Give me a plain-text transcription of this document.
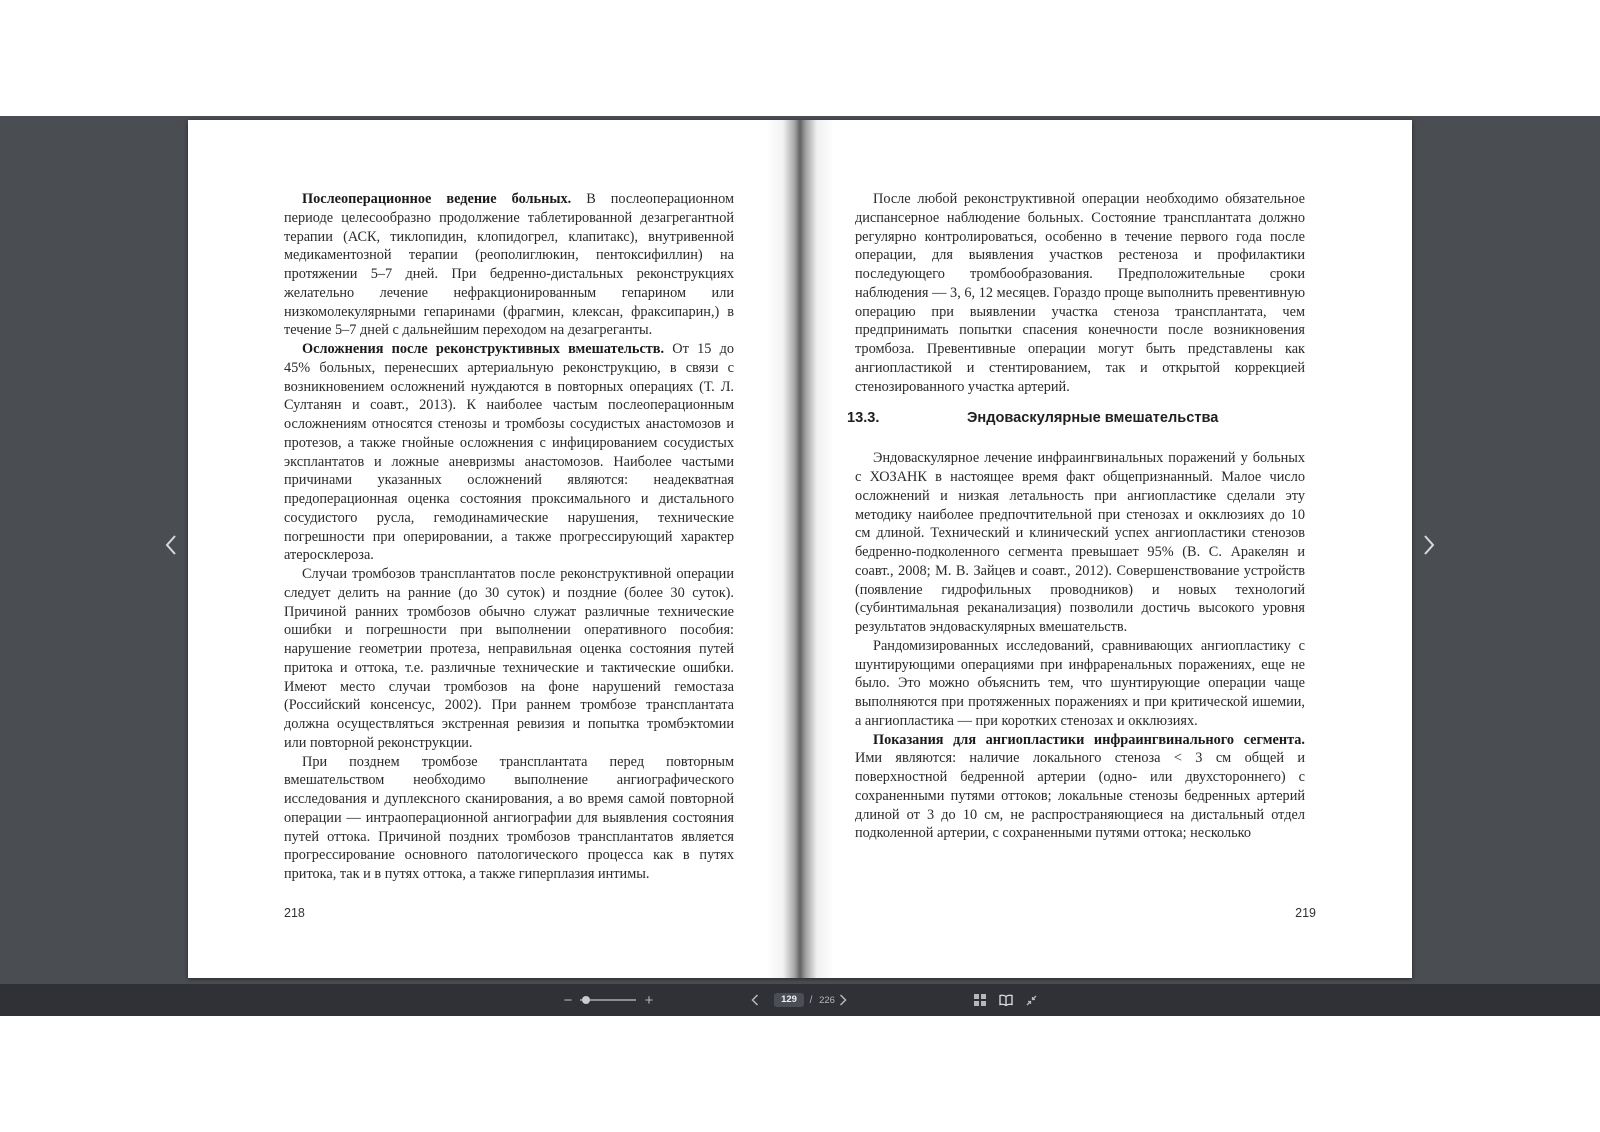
Послеоперационное ведение больных. В послеоперационном периоде целесообразно продолжение таблетированной дезагрегантной терапии (АСК, тиклопидин, клопидогрел, клапитакс), внутривенной медикаментозной терапии (реополиглюкин, пентоксифиллин) на протяжении 5–7 дней. При бедренно-дистальных реконструкциях желательно лечение нефракционированным гепарином или низкомолекулярными гепаринами (фрагмин, клексан, фраксипарин,) в течение 5–7 дней с дальнейшим переходом на дезагреганты.

Осложнения после реконструктивных вмешательств. От 15 до 45% больных, перенесших артериальную реконструкцию, в связи с возникновением осложнений нуждаются в повторных операциях (Т. Л. Султанян и соавт., 2013). К наиболее частым послеоперационным осложнениям относятся стенозы и тромбозы сосудистых анастомозов и протезов, а также гнойные осложнения с инфицированием сосудистых эксплантатов и ложные аневризмы анастомозов. Наиболее частыми причинами указанных осложнений являются: неадекватная предоперационная оценка состояния проксимального и дистального сосудистого русла, гемодинамические нарушения, технические погрешности при оперировании, а также прогрессирующий характер атеросклероза.

Случаи тромбозов трансплантатов после реконструктивной операции следует делить на ранние (до 30 суток) и поздние (более 30 суток). Причиной ранних тромбозов обычно служат различные технические ошибки и погрешности при выполнении оперативного пособия: нарушение геометрии протеза, неправильная оценка состояния путей притока и оттока, т.е. различные технические и тактические ошибки. Имеют место случаи тромбозов на фоне нарушений гемостаза (Российский консенсус, 2002). При раннем тромбозе трансплантата должна осуществляться экстренная ревизия и попытка тромбэктомии или повторной реконструкции.

При позднем тромбозе трансплантата перед повторным вмешательством необходимо выполнение ангиографического исследования и дуплексного сканирования, а во время самой повторной операции — интраоперационной ангиографии для выявления состояния путей оттока. Причиной поздних тромбозов трансплантатов является прогрессирование основного патологического процесса как в путях притока, так и в путях оттока, а также гиперплазия интимы.

218

После любой реконструктивной операции необходимо обязательное диспансерное наблюдение больных. Состояние трансплантата должно регулярно контролироваться, особенно в течение первого года после операции, для выявления участков рестеноза и профилактики последующего тромбообразования. Предположительные сроки наблюдения — 3, 6, 12 месяцев. Гораздо проще выполнить превентивную операцию при выявлении участка стеноза трансплантата, чем предпринимать попытки спасения конечности после возникновения тромбоза. Превентивные операции могут быть представлены как ангиопластикой и стентированием, так и открытой коррекцией стенозированного участка артерий.

13.3.	Эндоваскулярные вмешательства

Эндоваскулярное лечение инфраингвинальных поражений у больных с ХОЗАНК в настоящее время факт общепризнанный. Малое число осложнений и низкая летальность при ангиопластике сделали эту методику наиболее предпочтительной при стенозах и окклюзиях до 10 см длиной. Технический и клинический успех ангиопластики стенозов бедренно-подколенного сегмента превышает 95% (В. С. Аракелян и соавт., 2008; М. В. Зайцев и соавт., 2012). Совершенствование устройств (появление гидрофильных проводников) и новых технологий (субинтимальная реканализация) позволили достичь высокого уровня результатов эндоваскулярных вмешательств.

Рандомизированных исследований, сравнивающих ангиопластику с шунтирующими операциями при инфраренальных поражениях, еще не было. Это можно объяснить тем, что шунтирующие операции чаще выполняются при протяженных поражениях и при критической ишемии, а ангиопластика — при коротких стенозах и окклюзиях.

Показания для ангиопластики инфраингвинального сегмента. Ими являются: наличие локального стеноза < 3 см общей и поверхностной бедренной артерии (одно- или двухстороннего) с сохраненными путями оттоков; локальные стенозы бедренных артерий длиной от 3 до 10 см, не распространяющиеся на дистальный отдел подколенной артерии, с сохраненными путями оттока; несколько

219
−	+	129	/ 226
